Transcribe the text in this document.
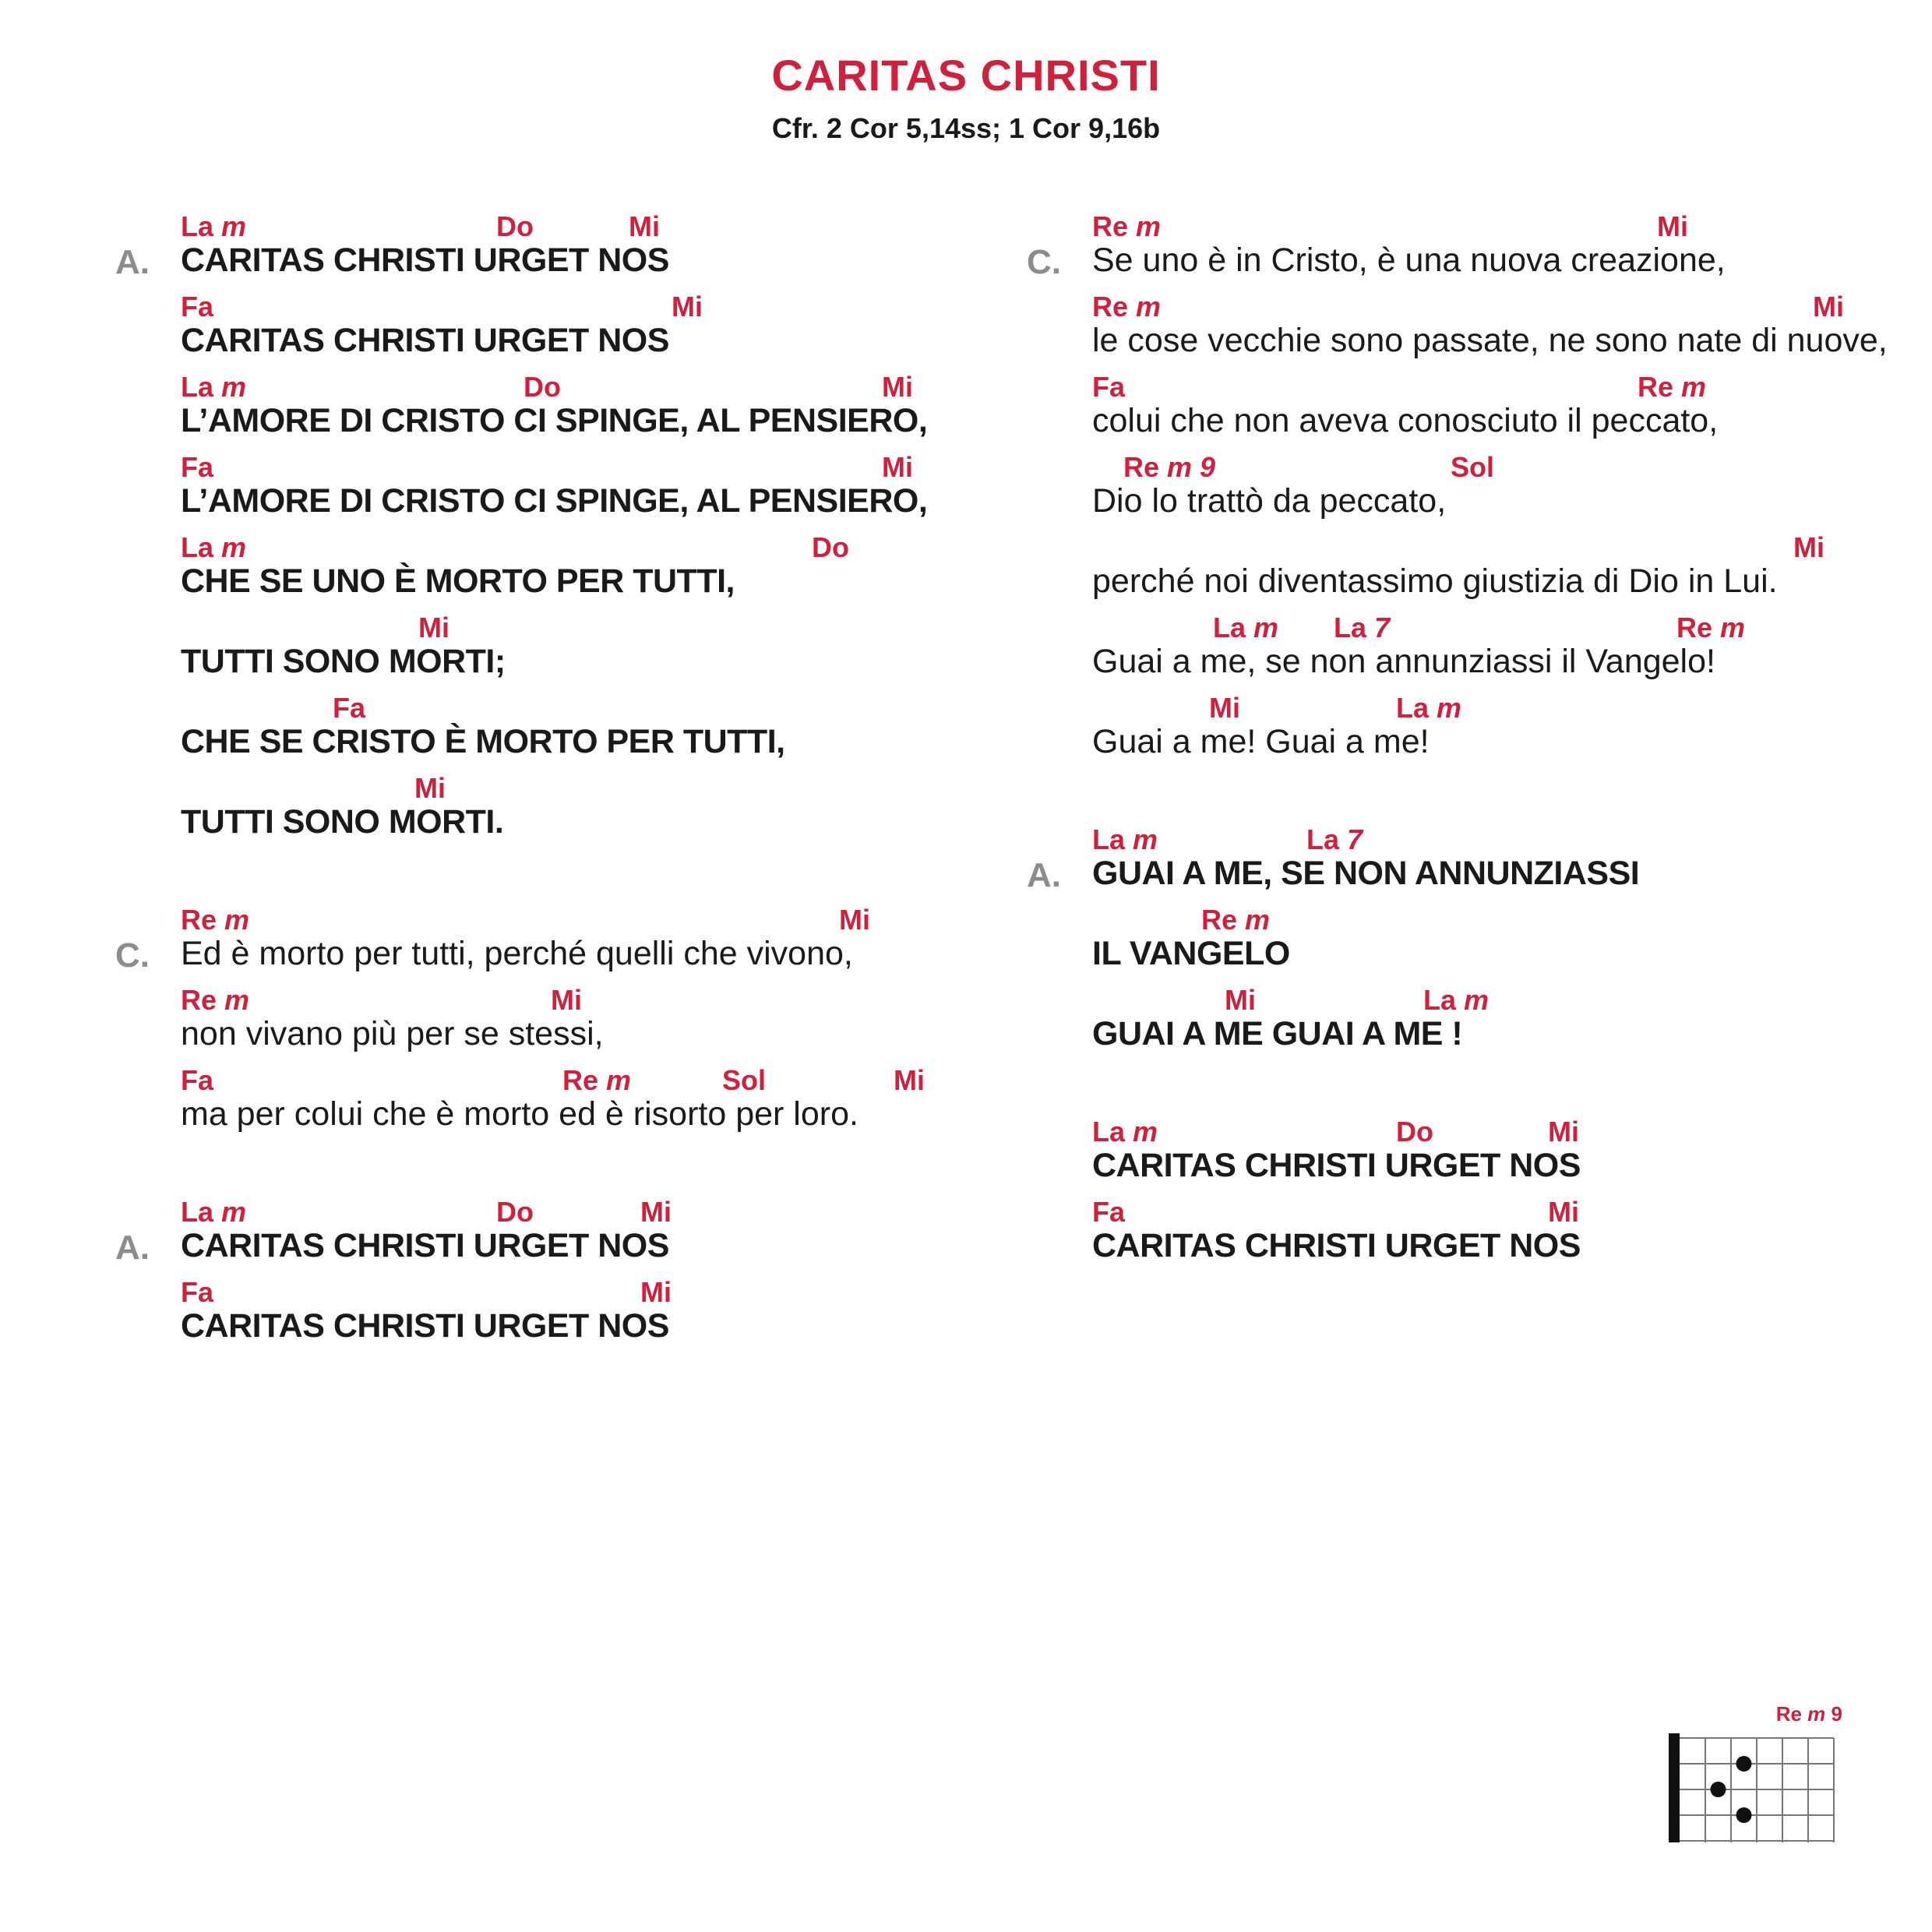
CARITAS CHRISTI
Cfr. 2 Cor 5,14ss; 1 Cor 9,16b
A.
La m	Do	Mi
CARITAS CHRISTI URGET NOS
Fa	Mi
CARITAS CHRISTI URGET NOS
La m	Do	Mi
L’AMORE DI CRISTO CI SPINGE, AL PENSIERO,
Fa	Mi
L’AMORE DI CRISTO CI SPINGE, AL PENSIERO,
La m	Do
CHE SE UNO È MORTO PER TUTTI,
Mi
TUTTI SONO MORTI;
Fa
CHE SE CRISTO È MORTO PER TUTTI,
Mi
TUTTI SONO MORTI.
C.
Re m	Mi
Ed è morto per tutti, perché quelli che vivono,
Re m	Mi
non vivano più per se stessi,
Fa	Re m	Sol	Mi
ma per colui che è morto ed è risorto per loro.
A.
La m	Do	Mi
CARITAS CHRISTI URGET NOS
Fa	Mi
CARITAS CHRISTI URGET NOS
C.
Re m	Mi
Se uno è in Cristo, è una nuova creazione,
Re m	Mi
le cose vecchie sono passate, ne sono nate di nuove,
Fa	Re m
colui che non aveva conosciuto il peccato,
Re m 9	Sol
Dio lo trattò da peccato,
Mi
perché noi diventassimo giustizia di Dio in Lui.
La m La 7	Re m
Guai a me, se non annunziassi il Vangelo!
Mi	La m
Guai a me! Guai a me!
A.
La m	La 7
GUAI A ME, SE NON ANNUNZIASSI
Re m
IL VANGELO
Mi	La m
GUAI A ME GUAI A ME !
La m	Do	Mi
CARITAS CHRISTI URGET NOS
Fa	Mi
CARITAS CHRISTI URGET NOS
Re m 9
